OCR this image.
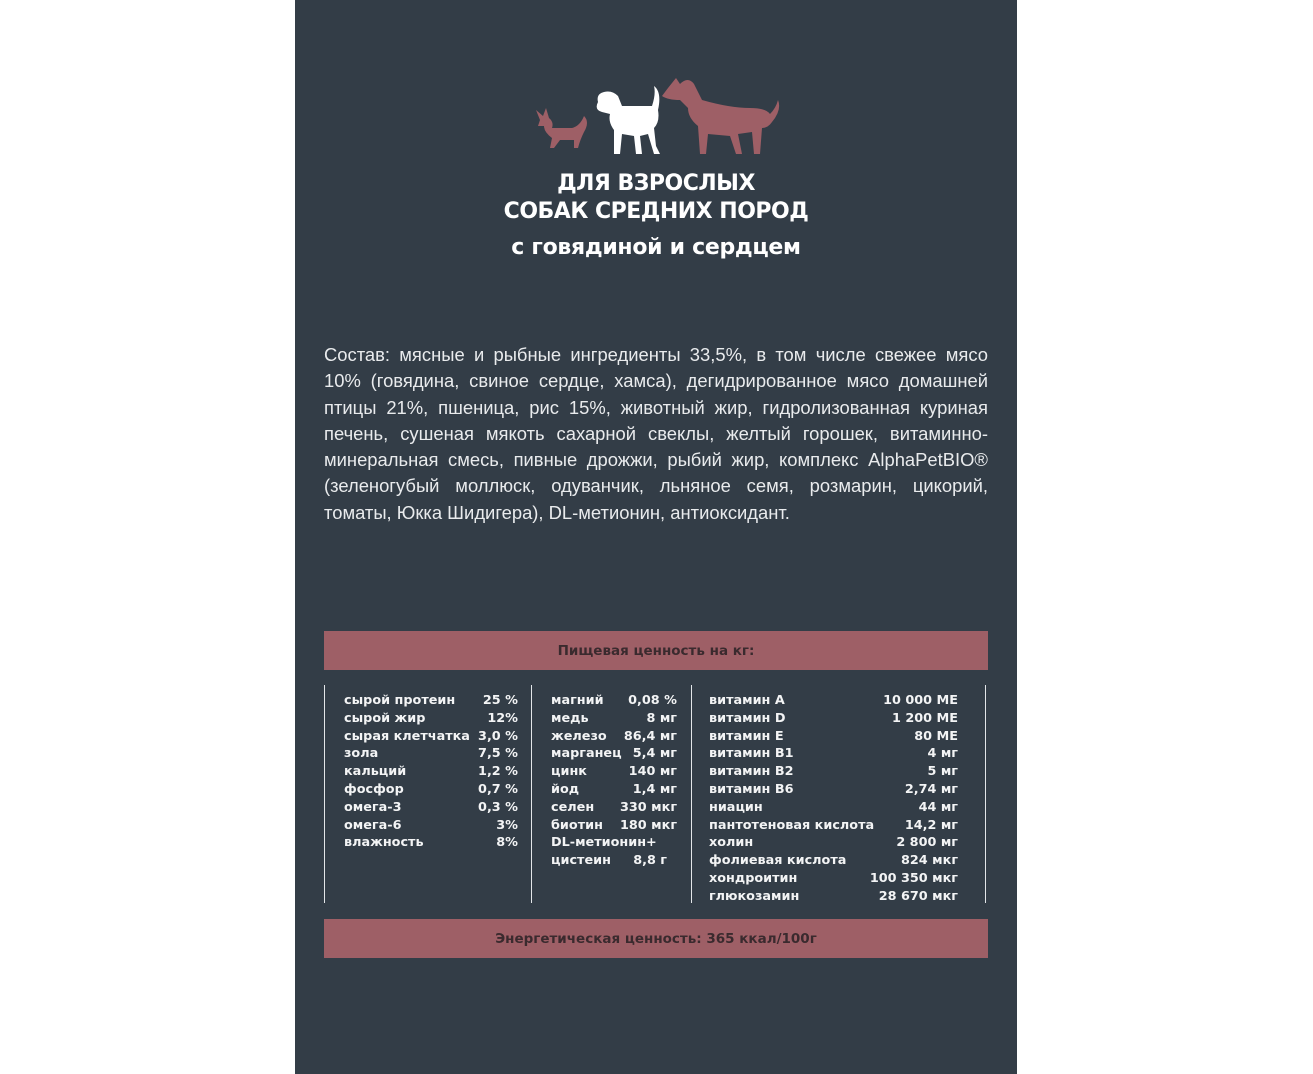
ДЛЯ ВЗРОСЛЫХ
СОБАК СРЕДНИХ ПОРОД
с говядиной и сердцем
Состав: мясные и рыбные ингредиенты 33,5%, в том числе свежее мясо 10% (говядина, свиное сердце, хамса), дегидрированное мясо домашней птицы 21%, пшеница, рис 15%, животный жир, гидролизованная куриная печень, сушеная мякоть сахарной свеклы, желтый горошек, витаминно-минеральная смесь, пивные дрожжи, рыбий жир, комплекс AlphaPetBIO® (зеленогубый моллюск, одуванчик, льняное семя, розмарин, цикорий, томаты, Юкка Шидигера), DL-метионин, антиоксидант.
Пищевая ценность на кг:
сырой протеин 25 %
сырой жир	12%
сырая клетчатка 3,0 %
зола	7,5 %
кальций	1,2 %
фосфор	0,7 %
омега-3	0,3 %
омега-6	3%
влажность	8%
магний 0,08 %
медь	8 мг
железо 86,4 мг
марганец 5,4 мг
цинк	140 мг
йод	1,4 мг
селен 330 мкг
биотин 180 мкг
DL-метионин+
цистеин 8,8 г
витамин А	10 000 МЕ
витамин D	1 200 МЕ
витамин Е	80 МЕ
витамин В1	4 мг
витамин В2	5 мг
витамин В6	2,74 мг
ниацин	44 мг
пантотеновая кислота 14,2 мг
холин	2 800 мг
фолиевая кислота	824 мкг
хондроитин	100 350 мкг
глюкозамин	28 670 мкг
Энергетическая ценность: 365 ккал/100г
